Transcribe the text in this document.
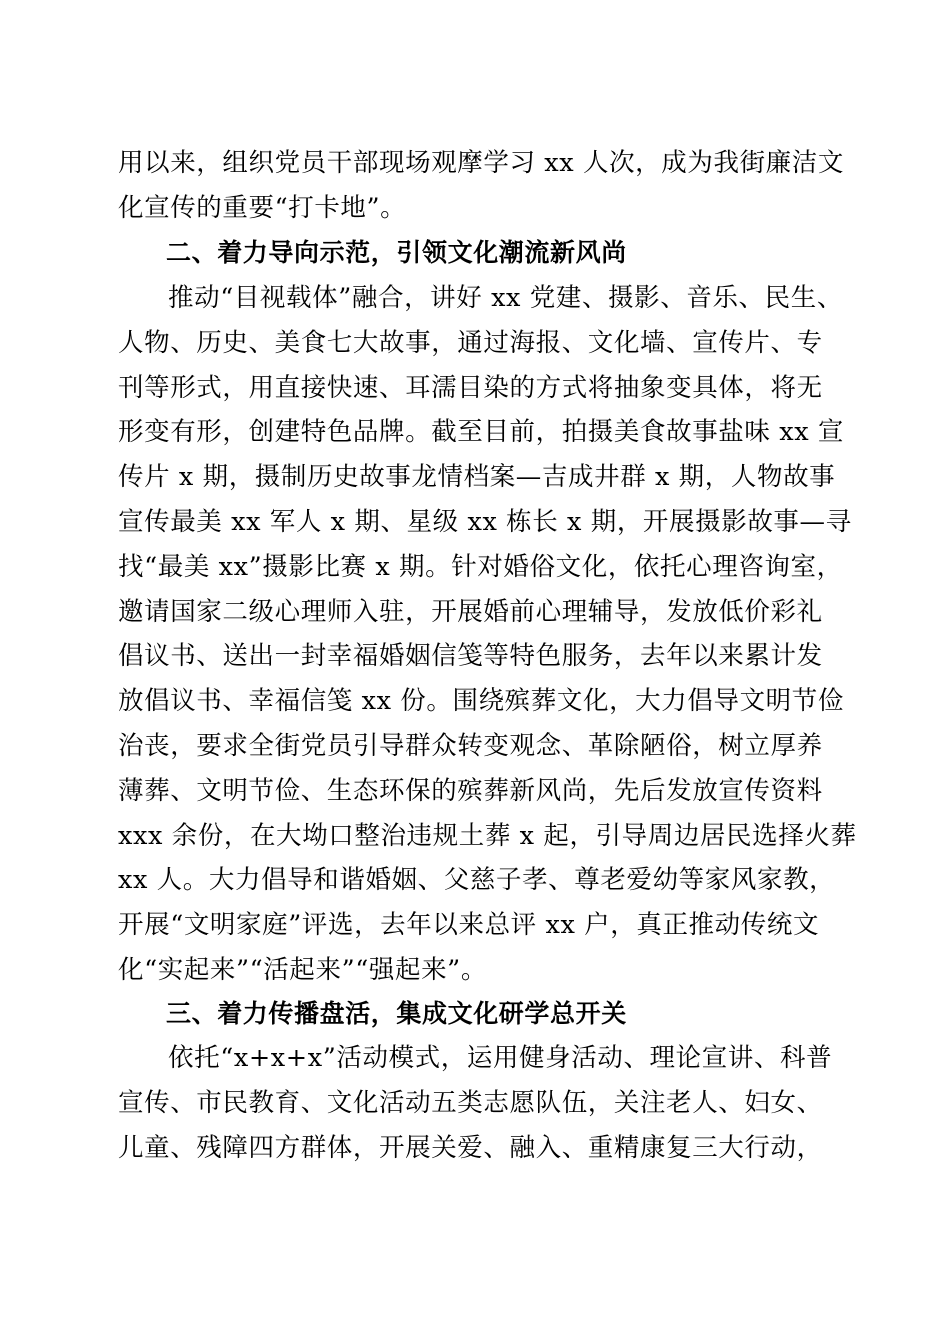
用以来，组织党员干部现场观摩学习 xx 人次，成为我街廉洁文
化宣传的重要“打卡地”。
二、着力导向示范，引领文化潮流新风尚
推动“目视载体”融合，讲好 xx 党建、摄影、音乐、民生、
人物、历史、美食七大故事，通过海报、文化墙、宣传片、专
刊等形式，用直接快速、耳濡目染的方式将抽象变具体，将无
形变有形，创建特色品牌。截至目前，拍摄美食故事盐味 xx 宣
传片 x 期，摄制历史故事龙情档案—吉成井群 x 期，人物故事
宣传最美 xx 军人 x 期、星级 xx 栋长 x 期，开展摄影故事—寻
找“最美 xx”摄影比赛 x 期。针对婚俗文化，依托心理咨询室，
邀请国家二级心理师入驻，开展婚前心理辅导，发放低价彩礼
倡议书、送出一封幸福婚姻信笺等特色服务，去年以来累计发
放倡议书、幸福信笺 xx 份。围绕殡葬文化，大力倡导文明节俭
治丧，要求全街党员引导群众转变观念、革除陋俗，树立厚养
薄葬、文明节俭、生态环保的殡葬新风尚，先后发放宣传资料
xxx 余份，在大坳口整治违规土葬 x 起，引导周边居民选择火葬
xx 人。大力倡导和谐婚姻、父慈子孝、尊老爱幼等家风家教，
开展“文明家庭”评选，去年以来总评 xx 户，真正推动传统文
化“实起来”“活起来”“强起来”。
三、着力传播盘活，集成文化研学总开关
依托“x+x+x”活动模式，运用健身活动、理论宣讲、科普
宣传、市民教育、文化活动五类志愿队伍，关注老人、妇女、
儿童、残障四方群体，开展关爱、融入、重精康复三大行动，
